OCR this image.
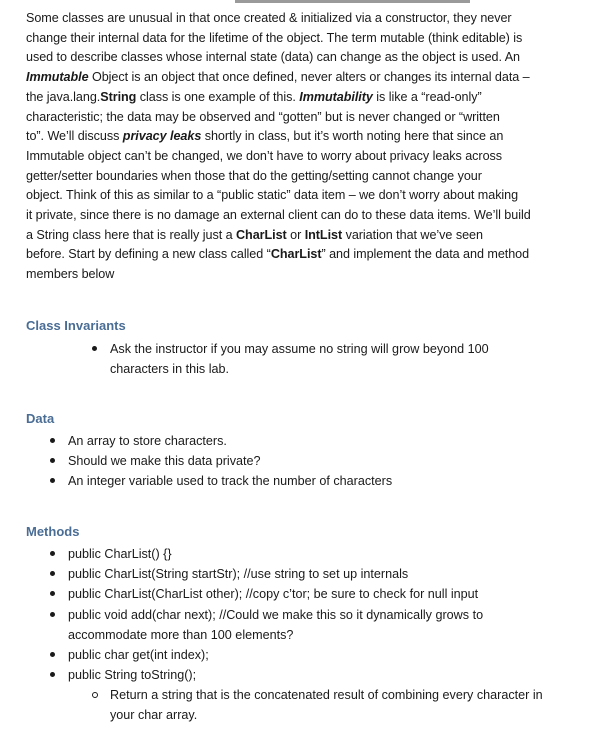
Some classes are unusual in that once created & initialized via a constructor, they never
change their internal data for the lifetime of the object. The term mutable (think editable) is
used to describe classes whose internal state (data) can change as the object is used. An
Immutable Object is an object that once defined, never alters or changes its internal data –
the java.lang.String class is one example of this. Immutability is like a “read-only”
characteristic; the data may be observed and “gotten” but is never changed or “written
to”. We’ll discuss privacy leaks shortly in class, but it’s worth noting here that since an
Immutable object can’t be changed, we don’t have to worry about privacy leaks across
getter/setter boundaries when those that do the getting/setting cannot change your
object. Think of this as similar to a “public static” data item – we don’t worry about making
it private, since there is no damage an external client can do to these data items. We’ll build
a String class here that is really just a CharList or IntList variation that we’ve seen
before. Start by defining a new class called “CharList” and implement the data and method
members below
Class Invariants
Ask the instructor if you may assume no string will grow beyond 100
characters in this lab.
Data
An array to store characters.
Should we make this data private?
An integer variable used to track the number of characters
Methods
public CharList() {}
public CharList(String startStr); //use string to set up internals
public CharList(CharList other); //copy c’tor; be sure to check for null input
public void add(char next); //Could we make this so it dynamically grows to
accommodate more than 100 elements?
public char get(int index);
public String toString();
Return a string that is the concatenated result of combining every character in
your char array.
